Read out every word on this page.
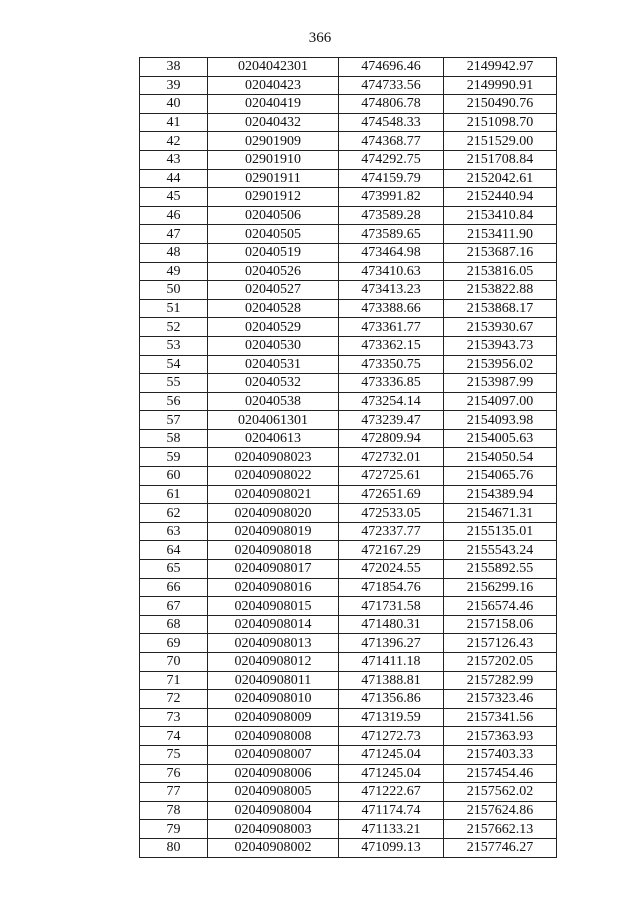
366
38	0204042301	474696.46	2149942.97
39	02040423	474733.56	2149990.91
40	02040419	474806.78	2150490.76
41	02040432	474548.33	2151098.70
42	02901909	474368.77	2151529.00
43	02901910	474292.75	2151708.84
44	02901911	474159.79	2152042.61
45	02901912	473991.82	2152440.94
46	02040506	473589.28	2153410.84
47	02040505	473589.65	2153411.90
48	02040519	473464.98	2153687.16
49	02040526	473410.63	2153816.05
50	02040527	473413.23	2153822.88
51	02040528	473388.66	2153868.17
52	02040529	473361.77	2153930.67
53	02040530	473362.15	2153943.73
54	02040531	473350.75	2153956.02
55	02040532	473336.85	2153987.99
56	02040538	473254.14	2154097.00
57	0204061301	473239.47	2154093.98
58	02040613	472809.94	2154005.63
59	02040908023	472732.01	2154050.54
60	02040908022	472725.61	2154065.76
61	02040908021	472651.69	2154389.94
62	02040908020	472533.05	2154671.31
63	02040908019	472337.77	2155135.01
64	02040908018	472167.29	2155543.24
65	02040908017	472024.55	2155892.55
66	02040908016	471854.76	2156299.16
67	02040908015	471731.58	2156574.46
68	02040908014	471480.31	2157158.06
69	02040908013	471396.27	2157126.43
70	02040908012	471411.18	2157202.05
71	02040908011	471388.81	2157282.99
72	02040908010	471356.86	2157323.46
73	02040908009	471319.59	2157341.56
74	02040908008	471272.73	2157363.93
75	02040908007	471245.04	2157403.33
76	02040908006	471245.04	2157454.46
77	02040908005	471222.67	2157562.02
78	02040908004	471174.74	2157624.86
79	02040908003	471133.21	2157662.13
80	02040908002	471099.13	2157746.27
